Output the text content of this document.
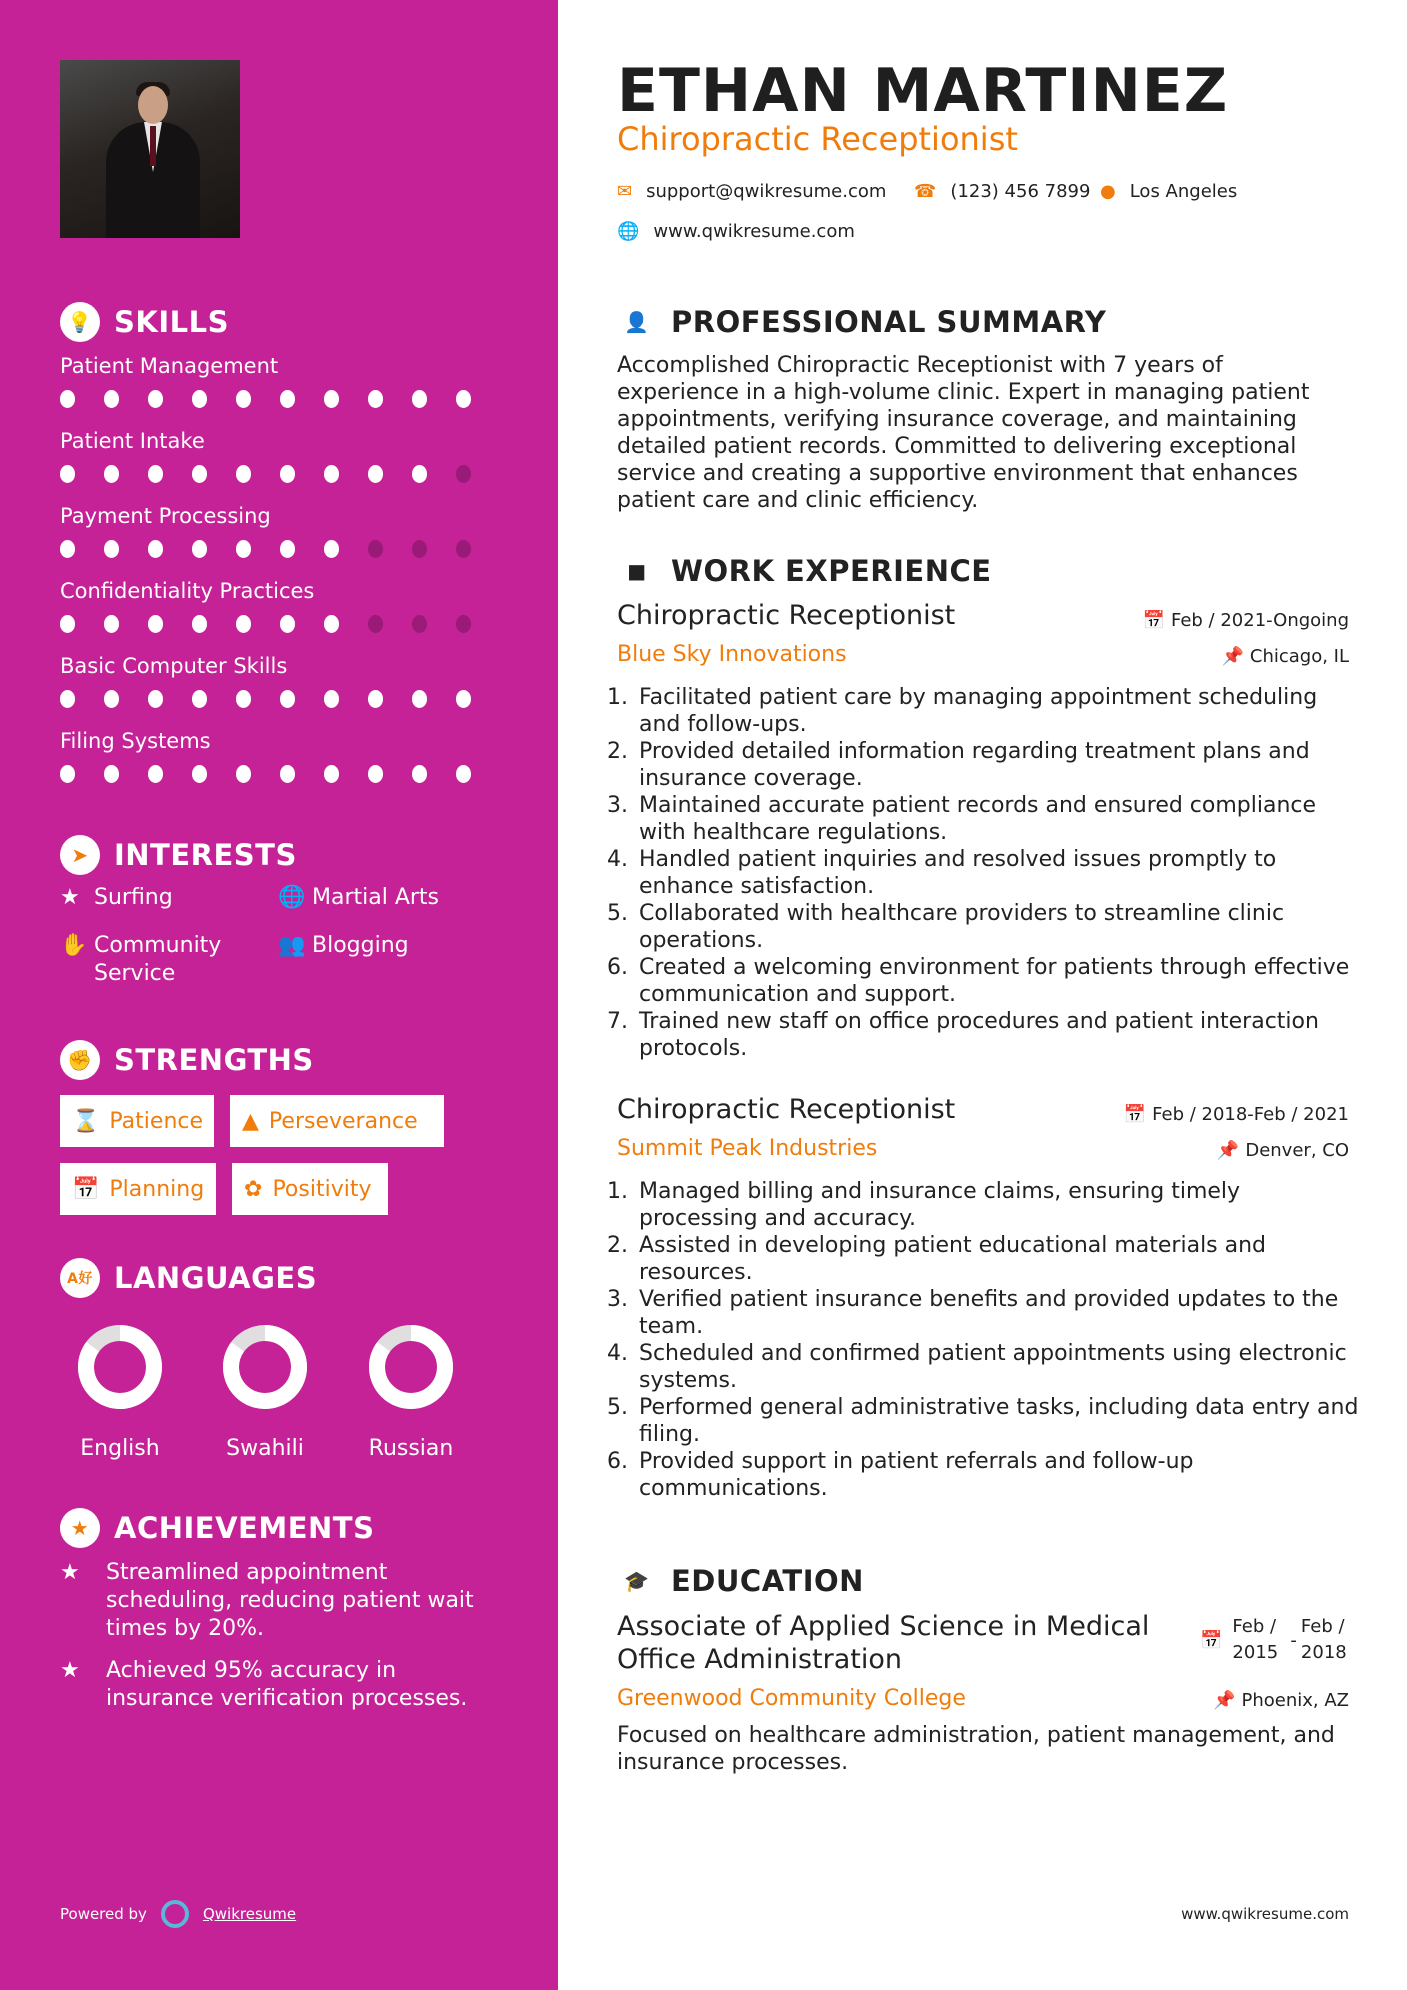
💡 SKILLS
Patient Management
Patient Intake
Payment Processing
Confidentiality Practices
Basic Computer Skills
Filing Systems
➤ INTERESTS
★ Surfing	🌐 Martial Arts
✋ Community Service
👥 Blogging
✊ STRENGTHS
⌛ Patience ▲ Perseverance
📅 Planning ✿ Positivity
A好 LANGUAGES
English	Swahili	Russian
★ ACHIEVEMENTS
★	Streamlined appointment scheduling, reducing patient wait times by 20%.
★	Achieved 95% accuracy in insurance verification processes.
Powered by	Qwikresume
ETHAN MARTINEZ
Chiropractic Receptionist
✉ support@qwikresume.com ☎ (123) 456 7899 ● Los Angeles
🌐 www.qwikresume.com
👤 PROFESSIONAL SUMMARY
Accomplished Chiropractic Receptionist with 7 years of experience in a high-volume clinic. Expert in managing patient appointments, verifying insurance coverage, and maintaining detailed patient records. Committed to delivering exceptional service and creating a supportive environment that enhances patient care and clinic efficiency.
■ WORK EXPERIENCE
Chiropractic Receptionist	📅 Feb / 2021-Ongoing
Blue Sky Innovations	📌 Chicago, IL
1. Facilitated patient care by managing appointment scheduling and follow-ups.
2. Provided detailed information regarding treatment plans and insurance coverage.
3. Maintained accurate patient records and ensured compliance with healthcare regulations.
4. Handled patient inquiries and resolved issues promptly to enhance satisfaction.
5. Collaborated with healthcare providers to streamline clinic operations.
6. Created a welcoming environment for patients through effective communication and support.
7. Trained new staff on office procedures and patient interaction protocols.
Chiropractic Receptionist	📅 Feb / 2018-Feb / 2021
Summit Peak Industries	📌 Denver, CO
1. Managed billing and insurance claims, ensuring timely processing and accuracy.
2. Assisted in developing patient educational materials and resources.
3. Verified patient insurance benefits and provided updates to the team.
4. Scheduled and confirmed patient appointments using electronic systems.
5. Performed general administrative tasks, including data entry and filing.
6. Provided support in patient referrals and follow-up communications.
🎓 EDUCATION
Associate of Applied Science in Medical Office Administration
📅
Feb / 2015
-
Feb / 2018
Greenwood Community College	📌 Phoenix, AZ
Focused on healthcare administration, patient management, and insurance processes.
www.qwikresume.com
